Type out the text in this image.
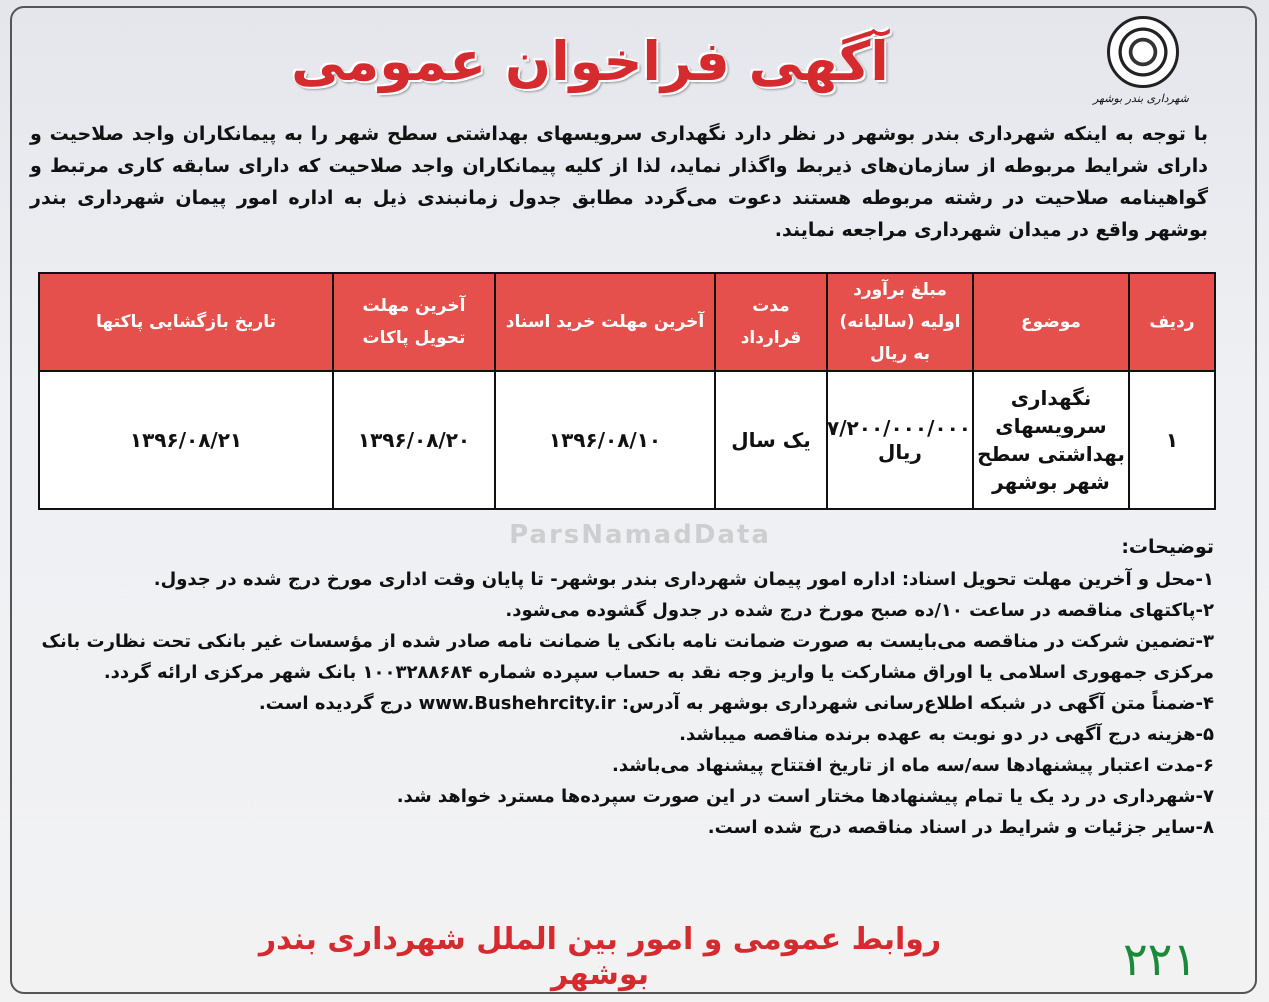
شهرداری بندر بوشهر
آگهی فراخوان عمومی
با توجه به اینکه شهرداری بندر بوشهر در نظر دارد نگهداری سرویسهای بهداشتی سطح شهر را به پیمانکاران واجد صلاحیت و دارای شرایط مربوطه از سازمان‌های ذیربط واگذار نماید، لذا از کلیه پیمانکاران واجد صلاحیت که دارای سابقه کاری مرتبط و گواهینامه صلاحیت در رشته مربوطه هستند دعوت می‌گردد مطابق جدول زمانبندی ذیل به اداره امور پیمان شهرداری بندر بوشهر واقع در میدان شهرداری مراجعه نمایند.
ردیف	موضوع	مبلغ برآورد اولیه (سالیانه) به ریال	مدت قرارداد	آخرین مهلت خرید اسناد	آخرین مهلت تحویل پاکات	تاریخ بازگشایی پاکتها
۱	نگهداری سرویسهای بهداشتی سطح شهر بوشهر	۷/۲۰۰/۰۰۰/۰۰۰ ریال	یک سال	۱۳۹۶/۰۸/۱۰	۱۳۹۶/۰۸/۲۰	۱۳۹۶/۰۸/۲۱
ParsNamadData	توضیحات:
۱-محل و آخرین مهلت تحویل اسناد: اداره امور پیمان شهرداری بندر بوشهر- تا پایان وقت اداری مورخ درج شده در جدول.
۲-پاکتهای مناقصه در ساعت ۱۰/ده صبح مورخ درج شده در جدول گشوده می‌شود.
۳-تضمین شرکت در مناقصه می‌بایست به صورت ضمانت نامه بانکی یا ضمانت نامه صادر شده از مؤسسات غیر بانکی تحت نظارت بانک مرکزی جمهوری اسلامی یا اوراق مشارکت یا واریز وجه نقد به حساب سپرده شماره ۱۰۰۳۲۸۸۶۸۴ بانک شهر مرکزی ارائه گردد.
۴-ضمناً متن آگهی در شبکه اطلاع‌رسانی شهرداری بوشهر به آدرس: www.Bushehrcity.ir درج گردیده است.
۵-هزینه درج آگهی در دو نوبت به عهده برنده مناقصه میباشد.
۶-مدت اعتبار پیشنهادها سه/سه ماه از تاریخ افتتاح پیشنهاد می‌باشد.
۷-شهرداری در رد یک یا تمام پیشنهادها مختار است در این صورت سپرده‌ها مسترد خواهد شد.
۸-سایر جزئیات و شرایط در اسناد مناقصه درج شده است.
روابط عمومی و امور بین الملل شهرداری بندر بوشهر	۲۲۱
